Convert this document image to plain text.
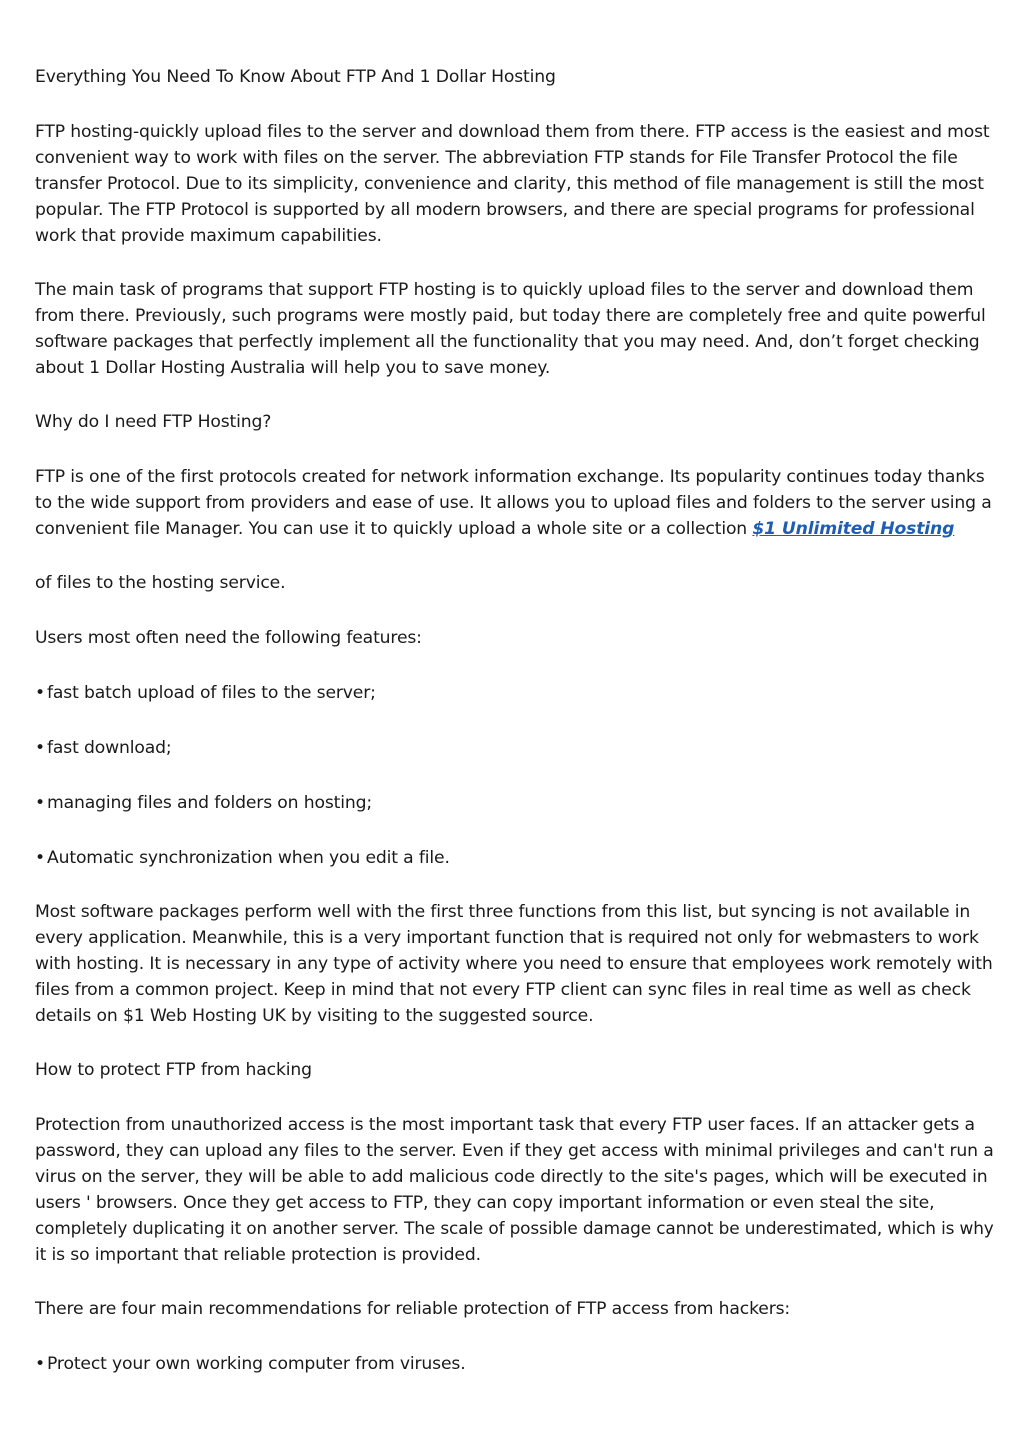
Everything You Need To Know About FTP And 1 Dollar Hosting

FTP hosting-quickly upload files to the server and download them from there. FTP access is the easiest and most

convenient way to work with files on the server. The abbreviation FTP stands for File Transfer Protocol the file

transfer Protocol. Due to its simplicity, convenience and clarity, this method of file management is still the most

popular. The FTP Protocol is supported by all modern browsers, and there are special programs for professional

work that provide maximum capabilities.

The main task of programs that support FTP hosting is to quickly upload files to the server and download them

from there. Previously, such programs were mostly paid, but today there are completely free and quite powerful

software packages that perfectly implement all the functionality that you may need. And, don’t forget checking

about 1 Dollar Hosting Australia will help you to save money.

Why do I need FTP Hosting?

FTP is one of the first protocols created for network information exchange. Its popularity continues today thanks

to the wide support from providers and ease of use. It allows you to upload files and folders to the server using a

convenient file Manager. You can use it to quickly upload a whole site or a collection $1 Unlimited Hosting

of files to the hosting service.

Users most often need the following features:

• fast batch upload of files to the server;

• fast download;

• managing files and folders on hosting;

• Automatic synchronization when you edit a file.

Most software packages perform well with the first three functions from this list, but syncing is not available in

every application. Meanwhile, this is a very important function that is required not only for webmasters to work

with hosting. It is necessary in any type of activity where you need to ensure that employees work remotely with

files from a common project. Keep in mind that not every FTP client can sync files in real time as well as check

details on $1 Web Hosting UK by visiting to the suggested source.

How to protect FTP from hacking

Protection from unauthorized access is the most important task that every FTP user faces. If an attacker gets a

password, they can upload any files to the server. Even if they get access with minimal privileges and can't run a

virus on the server, they will be able to add malicious code directly to the site's pages, which will be executed in

users ' browsers. Once they get access to FTP, they can copy important information or even steal the site,

completely duplicating it on another server. The scale of possible damage cannot be underestimated, which is why

it is so important that reliable protection is provided.

There are four main recommendations for reliable protection of FTP access from hackers:

• Protect your own working computer from viruses.
